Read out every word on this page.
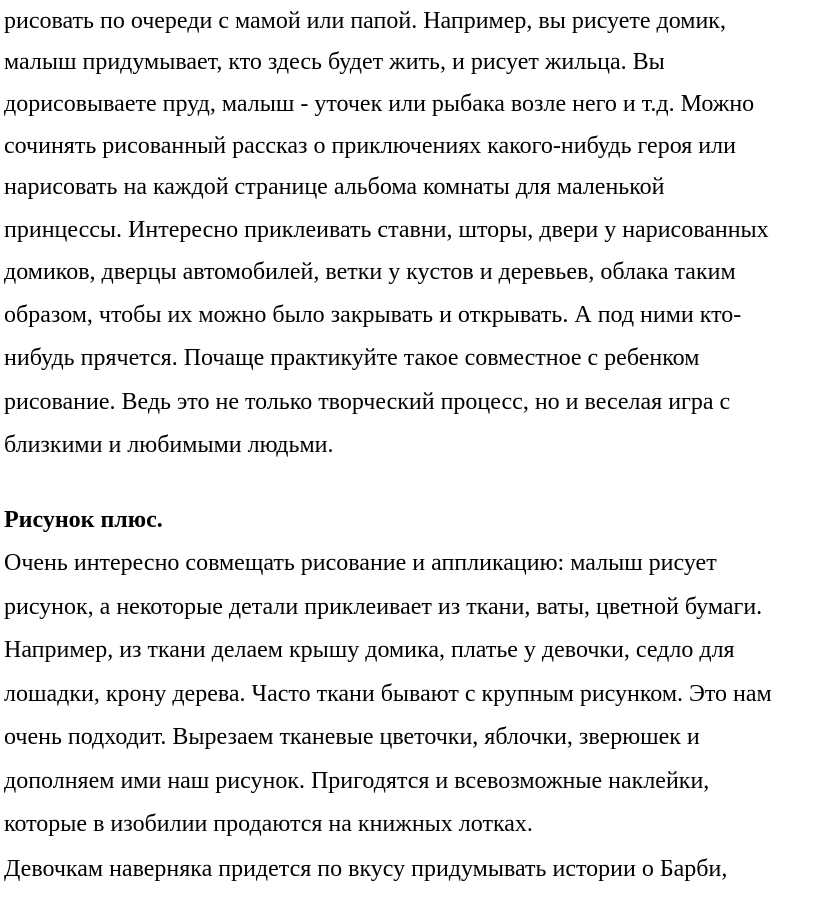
рисовать по очереди с мамой или папой. Например, вы рисуете домик,
малыш придумывает, кто здесь будет жить, и рисует жильца. Вы
дорисовываете пруд, малыш - уточек или рыбака возле него и т.д. Можно
сочинять рисованный рассказ о приключениях какого-нибудь героя или
нарисовать на каждой странице альбома комнаты для маленькой
принцессы. Интересно приклеивать ставни, шторы, двери у нарисованных
домиков, дверцы автомобилей, ветки у кустов и деревьев, облака таким
образом, чтобы их можно было закрывать и открывать. А под ними кто-
нибудь прячется. Почаще практикуйте такое совместное с ребенком
рисование. Ведь это не только творческий процесс, но и веселая игра с
близкими и любимыми людьми.
Рисунок плюс.
Очень интересно совмещать рисование и аппликацию: малыш рисует
рисунок, а некоторые детали приклеивает из ткани, ваты, цветной бумаги.
Например, из ткани делаем крышу домика, платье у девочки, седло для
лошадки, крону дерева. Часто ткани бывают с крупным рисунком. Это нам
очень подходит. Вырезаем тканевые цветочки, яблочки, зверюшек и
дополняем ими наш рисунок. Пригодятся и всевозможные наклейки,
которые в изобилии продаются на книжных лотках.
Девочкам наверняка придется по вкусу придумывать истории о Барби,
